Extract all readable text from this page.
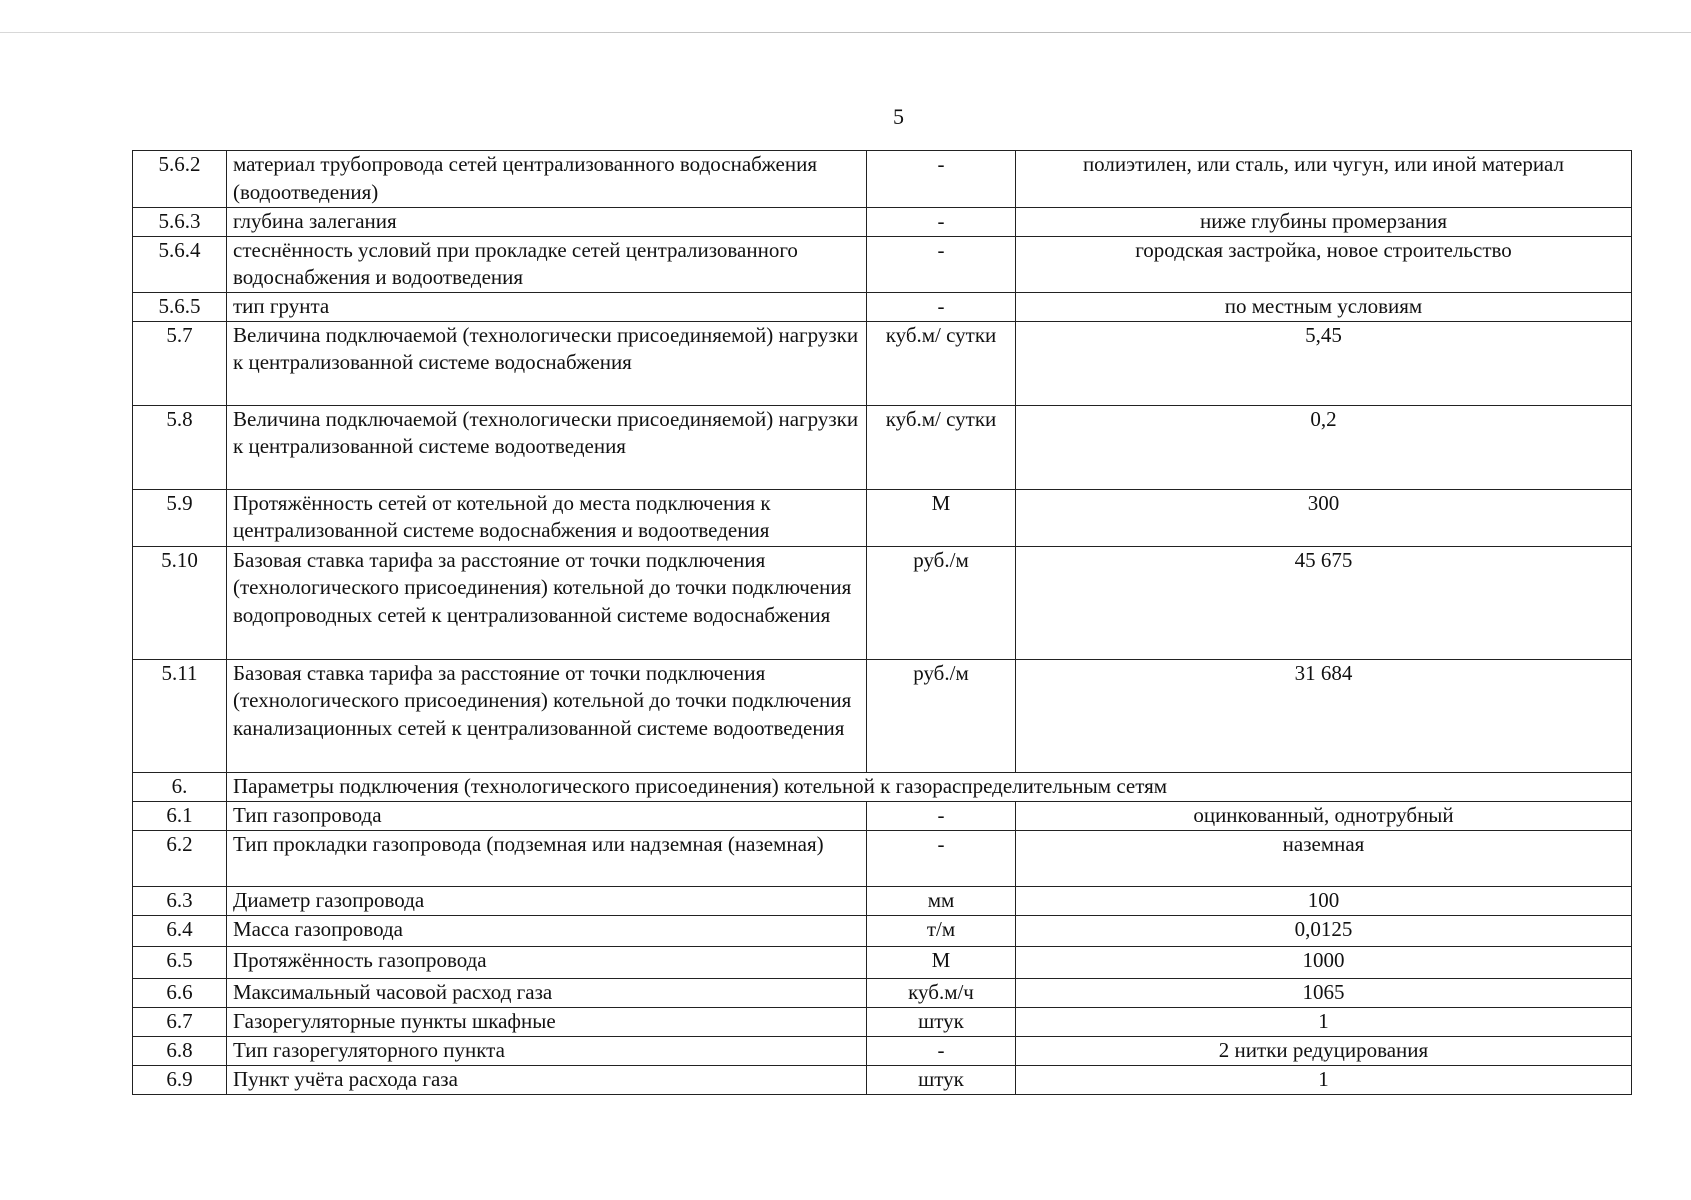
5
5.6.2	материал трубопровода сетей централизованного водоснабжения (водоотведения)	-	полиэтилен, или сталь, или чугун, или иной материал
5.6.3	глубина залегания	-	ниже глубины промерзания
5.6.4	стеснённость условий при прокладке сетей централизованного водоснабжения и водоотведения	-	городская застройка, новое строительство
5.6.5	тип грунта	-	по местным условиям
5.7	Величина подключаемой (технологически присоединяемой) нагрузки к централизованной системе водоснабжения	куб.м/ сутки	5,45
5.8	Величина подключаемой (технологически присоединяемой) нагрузки к централизованной системе водоотведения	куб.м/ сутки	0,2
5.9	Протяжённость сетей от котельной до места подключения к централизованной системе водоснабжения и водоотведения	М	300
5.10	Базовая ставка тарифа за расстояние от точки подключения (технологического присоединения) котельной до точки подключения водопроводных сетей к централизованной системе водоснабжения	руб./м	45 675
5.11	Базовая ставка тарифа за расстояние от точки подключения (технологического присоединения) котельной до точки подключения канализационных сетей к централизованной системе водоотведения	руб./м	31 684
6.	Параметры подключения (технологического присоединения) котельной к газораспределительным сетям		
6.1	Тип газопровода	-	оцинкованный, однотрубный
6.2	Тип прокладки газопровода (подземная или надземная (наземная)	-	наземная
6.3	Диаметр газопровода	мм	100
6.4	Масса газопровода	т/м	0,0125
6.5	Протяжённость газопровода	М	1000
6.6	Максимальный часовой расход газа	куб.м/ч	1065
6.7	Газорегуляторные пункты шкафные	штук	1
6.8	Тип газорегуляторного пункта	-	2 нитки редуцирования
6.9	Пункт учёта расхода газа	штук	1
